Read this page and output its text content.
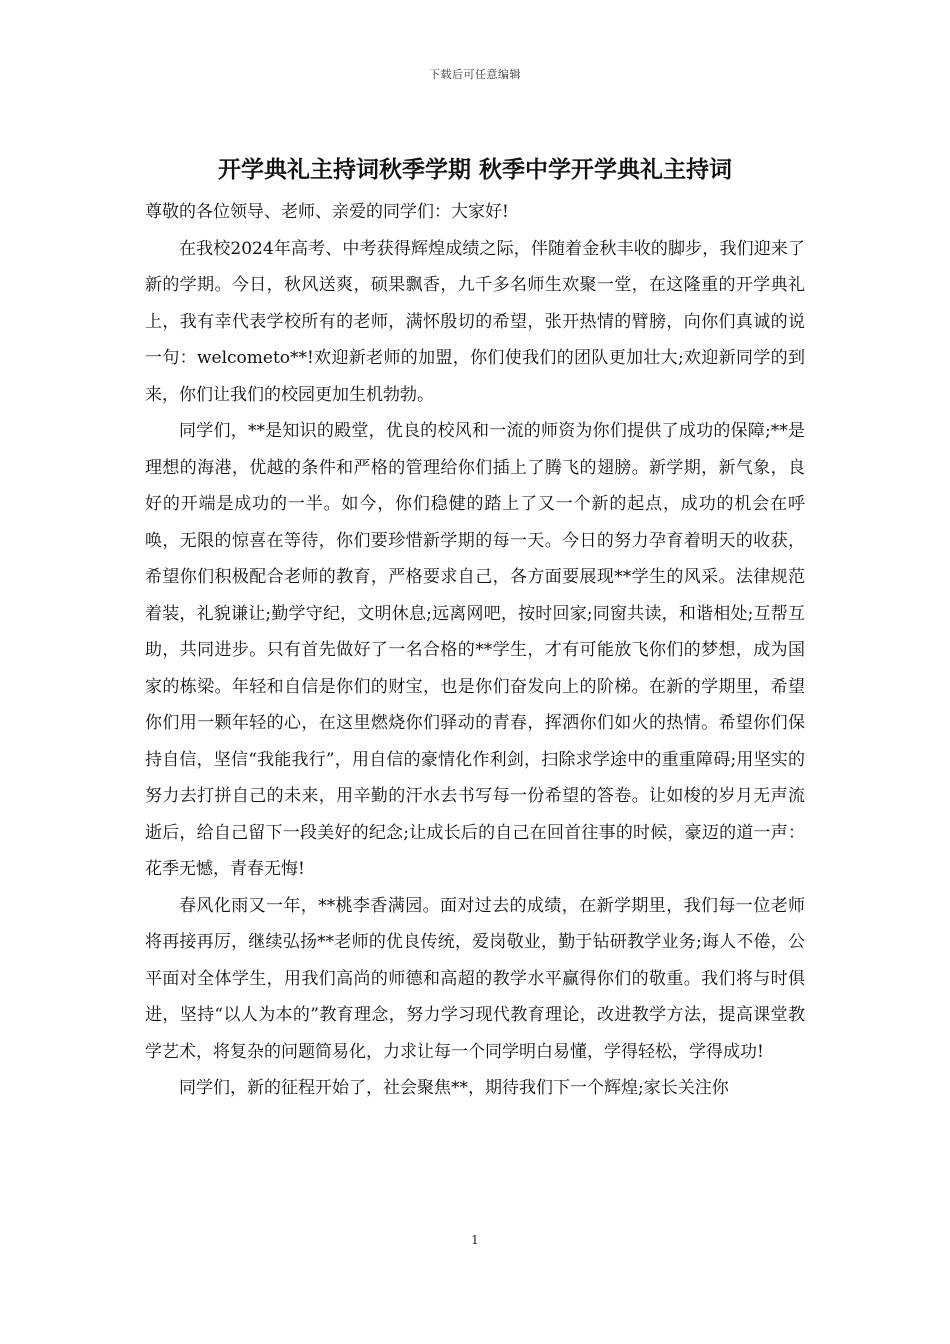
下载后可任意编辑
开学典礼主持词秋季学期 秋季中学开学典礼主持词

尊敬的各位领导、老师、亲爱的同学们：大家好!

在我校2024年高考、中考获得辉煌成绩之际，伴随着金秋丰收的脚步，我们迎来了新的学期。今日，秋风送爽，硕果飘香，九千多名师生欢聚一堂，在这隆重的开学典礼上，我有幸代表学校所有的老师，满怀殷切的希望，张开热情的臂膀，向你们真诚的说一句：welcometo**!欢迎新老师的加盟，你们使我们的团队更加壮大;欢迎新同学的到来，你们让我们的校园更加生机勃勃。

同学们，**是知识的殿堂，优良的校风和一流的师资为你们提供了成功的保障;**是理想的海港，优越的条件和严格的管理给你们插上了腾飞的翅膀。新学期，新气象，良好的开端是成功的一半。如今，你们稳健的踏上了又一个新的起点，成功的机会在呼唤，无限的惊喜在等待，你们要珍惜新学期的每一天。今日的努力孕育着明天的收获，希望你们积极配合老师的教育，严格要求自己，各方面要展现**学生的风采。法律规范着装，礼貌谦让;勤学守纪，文明休息;远离网吧，按时回家;同窗共读，和谐相处;互帮互助，共同进步。只有首先做好了一名合格的**学生，才有可能放飞你们的梦想，成为国家的栋梁。年轻和自信是你们的财宝，也是你们奋发向上的阶梯。在新的学期里，希望你们用一颗年轻的心，在这里燃烧你们驿动的青春，挥洒你们如火的热情。希望你们保持自信，坚信“我能我行”，用自信的豪情化作利剑，扫除求学途中的重重障碍;用坚实的努力去打拼自己的未来，用辛勤的汗水去书写每一份希望的答卷。让如梭的岁月无声流逝后，给自己留下一段美好的纪念;让成长后的自己在回首往事的时候，豪迈的道一声：花季无憾，青春无悔!

春风化雨又一年，**桃李香满园。面对过去的成绩，在新学期里，我们每一位老师将再接再厉，继续弘扬**老师的优良传统，爱岗敬业，勤于钻研教学业务;诲人不倦，公平面对全体学生，用我们高尚的师德和高超的教学水平赢得你们的敬重。我们将与时俱进，坚持“以人为本的”教育理念，努力学习现代教育理论，改进教学方法，提高课堂教学艺术，将复杂的问题简易化，力求让每一个同学明白易懂，学得轻松，学得成功!

同学们，新的征程开始了，社会聚焦**，期待我们下一个辉煌;家长关注你

1
